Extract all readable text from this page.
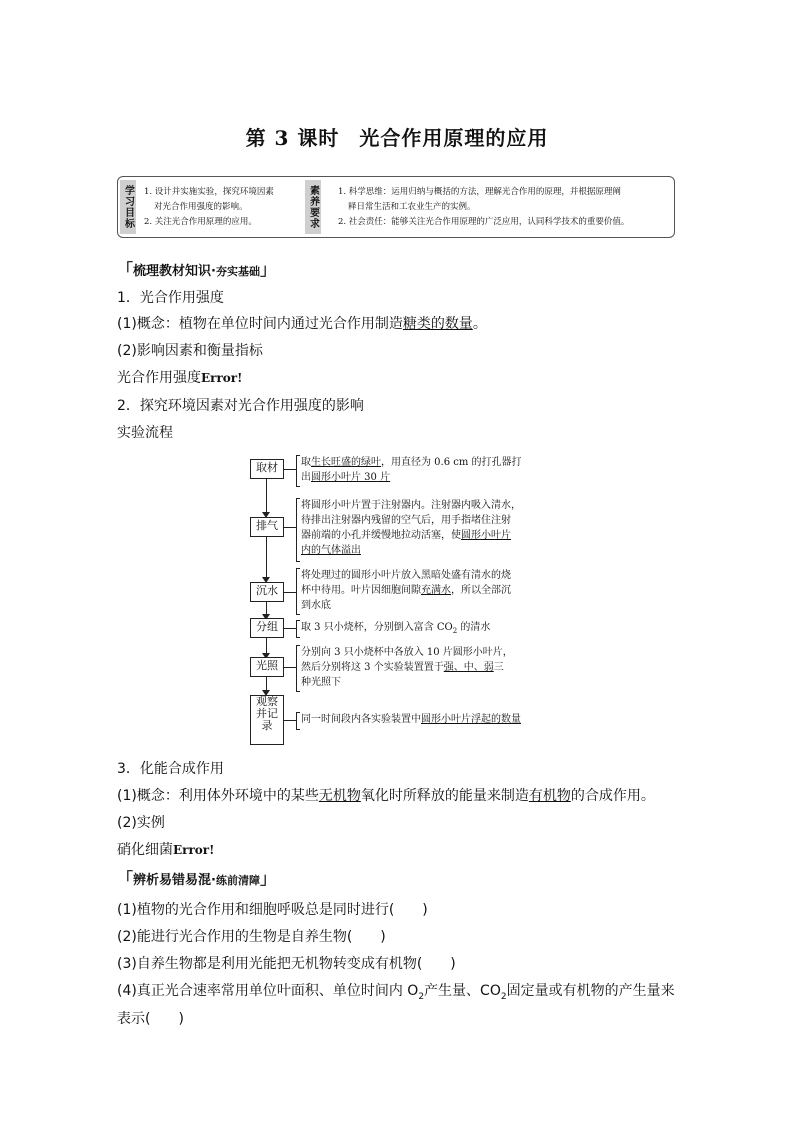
第 3 课时 光合作用原理的应用
学习目标 1. 设计并实施实验，探究环境因素
对光合作用强度的影响。
2. 关注光合作用原理的应用。	素养要求 1. 科学思维：运用归纳与概括的方法，理解光合作用的原理，并根据原理阐
释日常生活和工农业生产的实例。
2. 社会责任：能够关注光合作用原理的广泛应用，认同科学技术的重要价值。
「梳理教材知识·夯实基础」
1．光合作用强度
(1)概念：植物在单位时间内通过光合作用制造糖类的数量。
(2)影响因素和衡量指标
光合作用强度Error!
2．探究环境因素对光合作用强度的影响
实验流程
取材
排气
沉水
分组
光照
观察并记录
取生长旺盛的绿叶，用直径为 0.6 cm 的打孔器打
出圆形小叶片 30 片
将圆形小叶片置于注射器内。注射器内吸入清水，
待排出注射器内残留的空气后，用手指堵住注射
器前端的小孔并缓慢地拉动活塞，使圆形小叶片
内的气体溢出
将处理过的圆形小叶片放入黑暗处盛有清水的烧
杯中待用。叶片因细胞间隙充满水，所以全部沉
到水底
取 3 只小烧杯，分别倒入富含 $CO_2$ 的清水
分别向 3 只小烧杯中各放入 10 片圆形小叶片，
然后分别将这 3 个实验装置置于强、中、弱三
种光照下
同一时间段内各实验装置中圆形小叶片浮起的数量
3．化能合成作用
(1)概念：利用体外环境中的某些无机物氧化时所释放的能量来制造有机物的合成作用。
(2)实例
硝化细菌Error!
「辨析易错易混·练前清障」
(1)植物的光合作用和细胞呼吸总是同时进行(　　)
(2)能进行光合作用的生物是自养生物(　　)
(3)自养生物都是利用光能把无机物转变成有机物(　　)
(4)真正光合速率常用单位叶面积、单位时间内 $O_2$产生量、$CO_2$固定量或有机物的产生量来
表示(　　)
